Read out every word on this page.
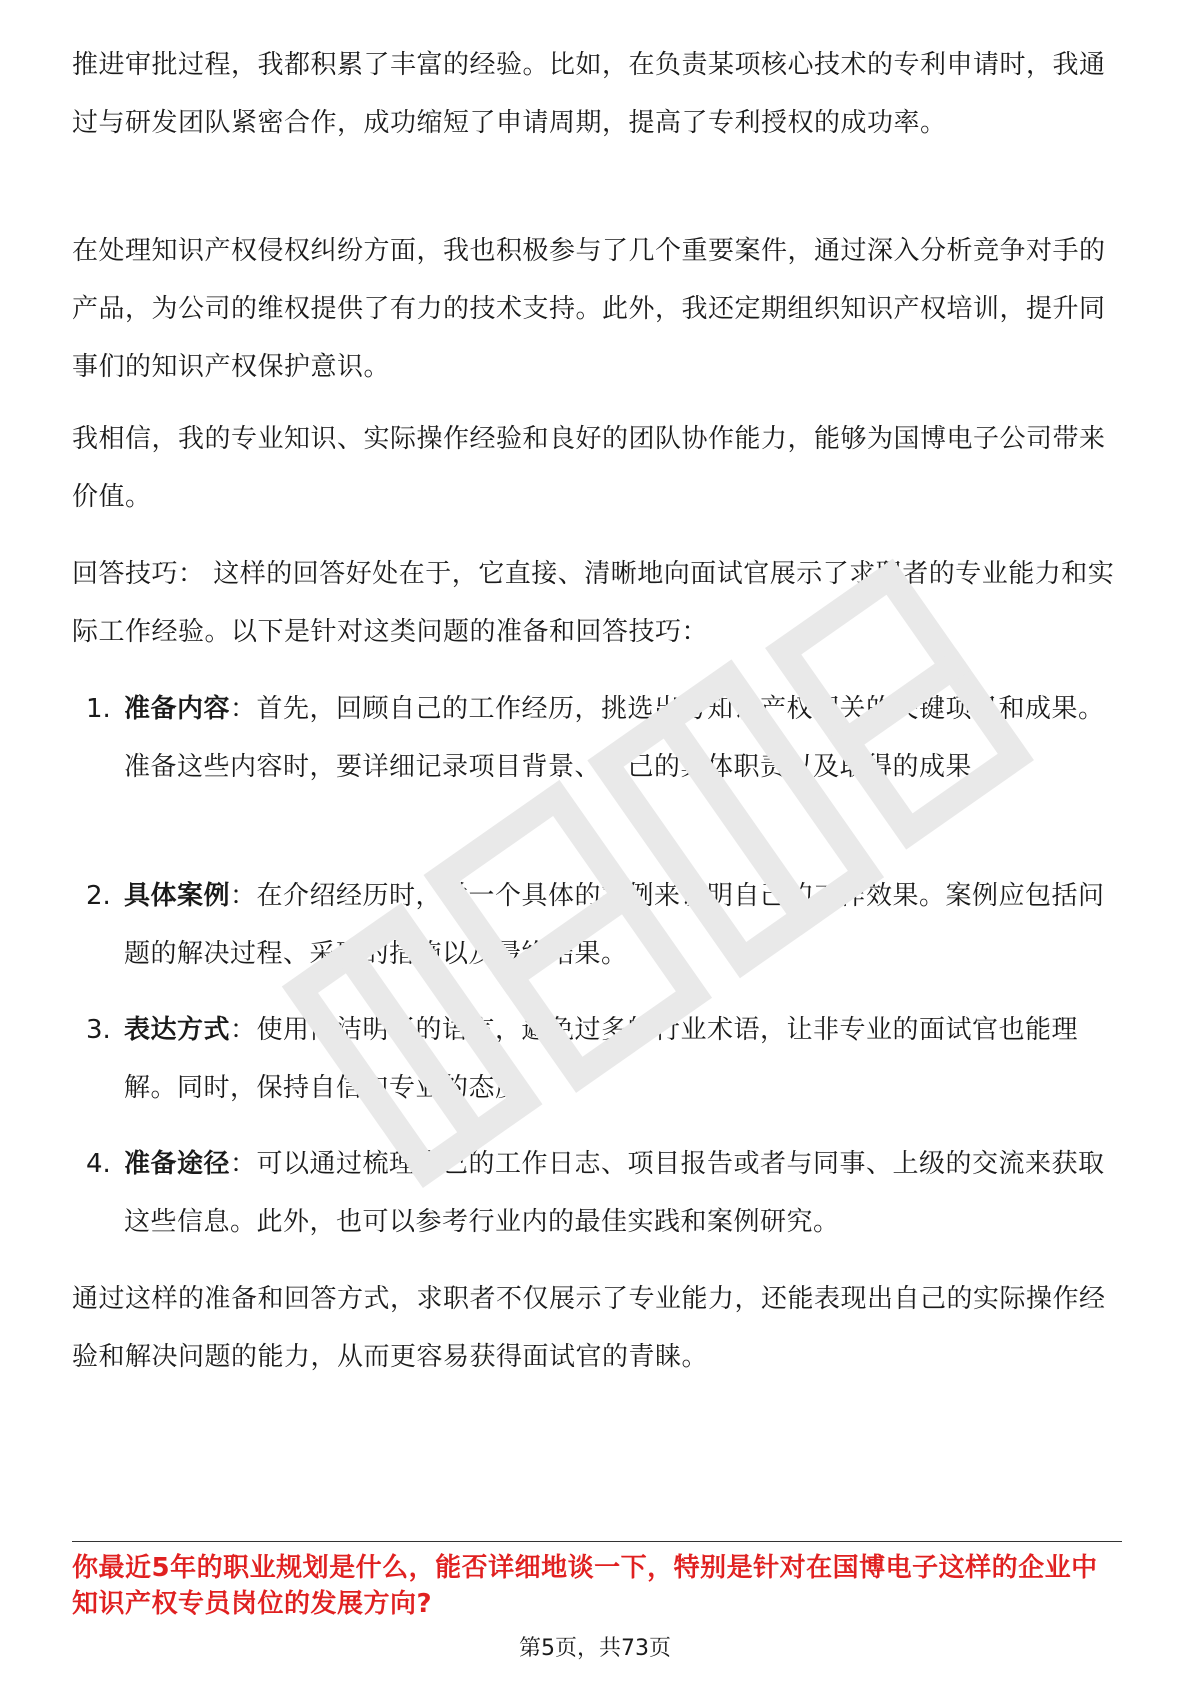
推进审批过程，我都积累了丰富的经验。比如，在负责某项核心技术的专利申请时，我通过与研发团队紧密合作，成功缩短了申请周期，提高了专利授权的成功率。

在处理知识产权侵权纠纷方面，我也积极参与了几个重要案件，通过深入分析竞争对手的产品，为公司的维权提供了有力的技术支持。此外，我还定期组织知识产权培训，提升同事们的知识产权保护意识。

我相信，我的专业知识、实际操作经验和良好的团队协作能力，能够为国博电子公司带来价值。

回答技巧： 这样的回答好处在于，它直接、清晰地向面试官展示了求职者的专业能力和实际工作经验。以下是针对这类问题的准备和回答技巧：

1. 准备内容：首先，回顾自己的工作经历，挑选出与知识产权相关的关键项目和成果。准备这些内容时，要详细记录项目背景、自己的具体职责以及取得的成果。
2. 具体案例：在介绍经历时，举一个具体的案例来说明自己的工作效果。案例应包括问题的解决过程、采取的措施以及最终结果。
3. 表达方式：使用简洁明了的语言，避免过多的行业术语，让非专业的面试官也能理解。同时，保持自信和专业的态度。
4. 准备途径：可以通过梳理自己的工作日志、项目报告或者与同事、上级的交流来获取这些信息。此外，也可以参考行业内的最佳实践和案例研究。

通过这样的准备和回答方式，求职者不仅展示了专业能力，还能表现出自己的实际操作经验和解决问题的能力，从而更容易获得面试官的青睐。

你最近5年的职业规划是什么，能否详细地谈一下，特别是针对在国博电子这样的企业中知识产权专员岗位的发展方向?
第5页，共73页
